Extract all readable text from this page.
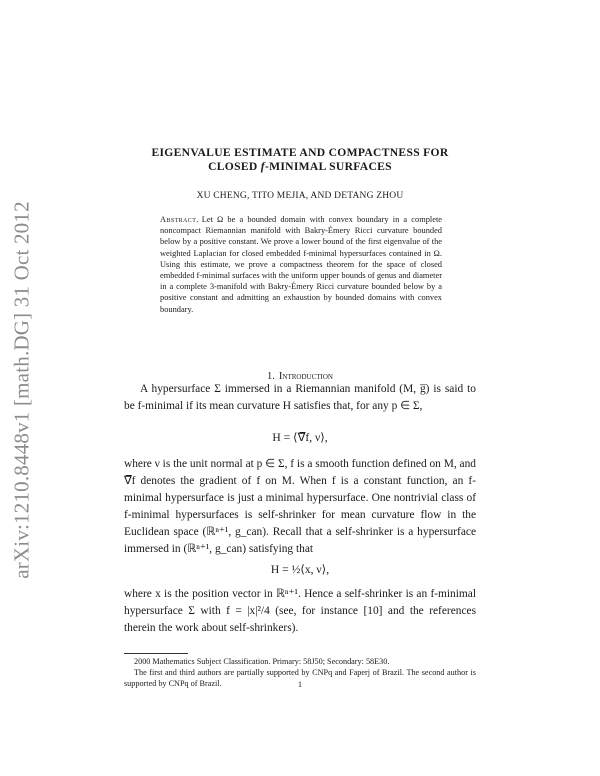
arXiv:1210.8448v1 [math.DG] 31 Oct 2012
EIGENVALUE ESTIMATE AND COMPACTNESS FOR
CLOSED f-MINIMAL SURFACES
XU CHENG, TITO MEJIA, AND DETANG ZHOU
Abstract. Let Ω be a bounded domain with convex boundary in a complete noncompact Riemannian manifold with Bakry-Émery Ricci curvature bounded below by a positive constant. We prove a lower bound of the first eigenvalue of the weighted Laplacian for closed embedded f-minimal hypersurfaces contained in Ω. Using this estimate, we prove a compactness theorem for the space of closed embedded f-minimal surfaces with the uniform upper bounds of genus and diameter in a complete 3-manifold with Bakry-Émery Ricci curvature bounded below by a positive constant and admitting an exhaustion by bounded domains with convex boundary.
1. Introduction
A hypersurface Σ immersed in a Riemannian manifold (M, g̅) is said to be f-minimal if its mean curvature H satisfies that, for any p ∈ Σ,
H = ⟨∇̅f, ν⟩,
where ν is the unit normal at p ∈ Σ, f is a smooth function defined on M, and ∇̅f denotes the gradient of f on M. When f is a constant function, an f-minimal hypersurface is just a minimal hypersurface. One nontrivial class of f-minimal hypersurfaces is self-shrinker for mean curvature flow in the Euclidean space (ℝⁿ⁺¹, g_can). Recall that a self-shrinker is a hypersurface immersed in (ℝⁿ⁺¹, g_can) satisfying that
H = ½⟨x, ν⟩,
where x is the position vector in ℝⁿ⁺¹. Hence a self-shrinker is an f-minimal hypersurface Σ with f = |x|²/4 (see, for instance [10] and the references therein the work about self-shrinkers).
2000 Mathematics Subject Classification. Primary: 58J50; Secondary: 58E30.
The first and third authors are partially supported by CNPq and Faperj of Brazil. The second author is supported by CNPq of Brazil.	1
